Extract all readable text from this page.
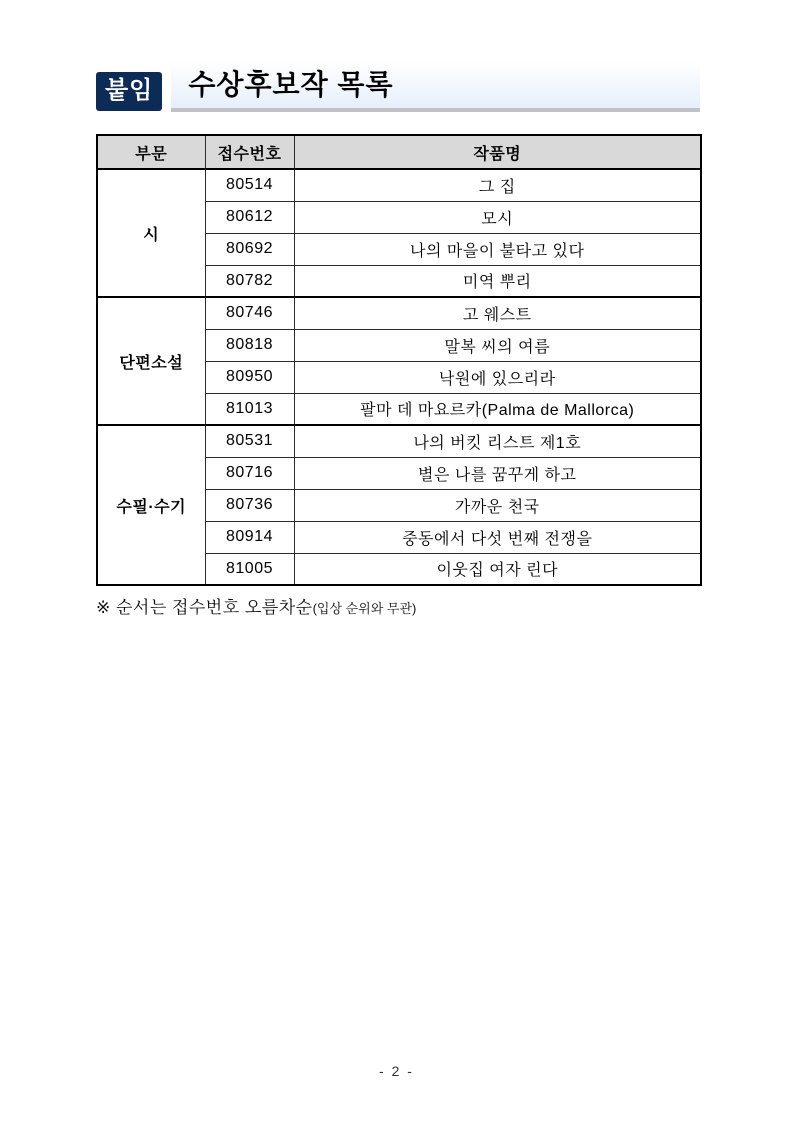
붙임	수상후보작 목록
부문	접수번호	작품명
시	80514	그 집
	80612	모시
	80692	나의 마을이 불타고 있다
	80782	미역 뿌리
단편소설	80746	고 웨스트
	80818	말복 씨의 여름
	80950	낙원에 있으리라
	81013	팔마 데 마요르카(Palma de Mallorca)
수필·수기	80531	나의 버킷 리스트 제1호
	80716	별은 나를 꿈꾸게 하고
	80736	가까운 천국
	80914	중동에서 다섯 번째 전쟁을
	81005	이웃집 여자 린다
※ 순서는 접수번호 오름차순(입상 순위와 무관)
- 2 -
